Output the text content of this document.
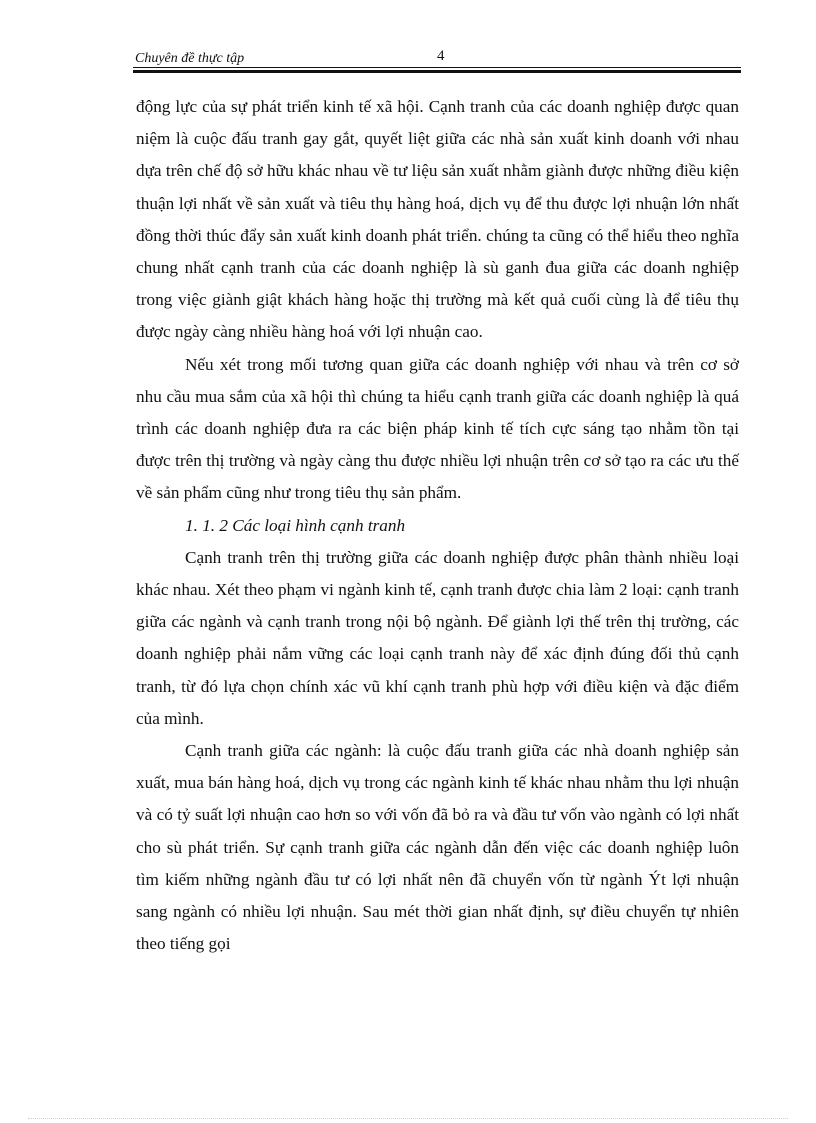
Chuyên đề thực tập	4

động lực của sự phát triển kinh tế xã hội. Cạnh tranh của các doanh nghiệp được quan niệm là cuộc đấu tranh gay gắt, quyết liệt giữa các nhà sản xuất kinh doanh với nhau dựa trên chế độ sở hữu khác nhau về tư liệu sản xuất nhằm giành được những điều kiện thuận lợi nhất về sản xuất và tiêu thụ hàng hoá, dịch vụ để thu được lợi nhuận lớn nhất đồng thời thúc đẩy sản xuất kinh doanh phát triển. chúng ta cũng có thể hiểu theo nghĩa chung nhất cạnh tranh của các doanh nghiệp là sù ganh đua giữa các doanh nghiệp trong việc giành giật khách hàng hoặc thị trường mà kết quả cuối cùng là để tiêu thụ được ngày càng nhiều hàng hoá với lợi nhuận cao.

Nếu xét trong mối tương quan giữa các doanh nghiệp với nhau và trên cơ sở nhu cầu mua sắm của xã hội thì chúng ta hiểu cạnh tranh giữa các doanh nghiệp là quá trình các doanh nghiệp đưa ra các biện pháp kinh tế tích cực sáng tạo nhằm tồn tại được trên thị trường và ngày càng thu được nhiều lợi nhuận trên cơ sở tạo ra các ưu thế về sản phẩm cũng như trong tiêu thụ sản phẩm.

1. 1. 2 Các loại hình cạnh tranh

Cạnh tranh trên thị trường giữa các doanh nghiệp được phân thành nhiều loại khác nhau. Xét theo phạm vi ngành kinh tế, cạnh tranh được chia làm 2 loại: cạnh tranh giữa các ngành và cạnh tranh trong nội bộ ngành. Để giành lợi thế trên thị trường, các doanh nghiệp phải nắm vững các loại cạnh tranh này để xác định đúng đối thủ cạnh tranh, từ đó lựa chọn chính xác vũ khí cạnh tranh phù hợp với điều kiện và đặc điểm của mình.

Cạnh tranh giữa các ngành: là cuộc đấu tranh giữa các nhà doanh nghiệp sản xuất, mua bán hàng hoá, dịch vụ trong các ngành kinh tế khác nhau nhằm thu lợi nhuận và có tỷ suất lợi nhuận cao hơn so với vốn đã bỏ ra và đầu tư vốn vào ngành có lợi nhất cho sù phát triển. Sự cạnh tranh giữa các ngành dẫn đến việc các doanh nghiệp luôn tìm kiếm những ngành đầu tư có lợi nhất nên đã chuyển vốn từ ngành Ýt lợi nhuận sang ngành có nhiều lợi nhuận. Sau mét thời gian nhất định, sự điều chuyển tự nhiên theo tiếng gọi
